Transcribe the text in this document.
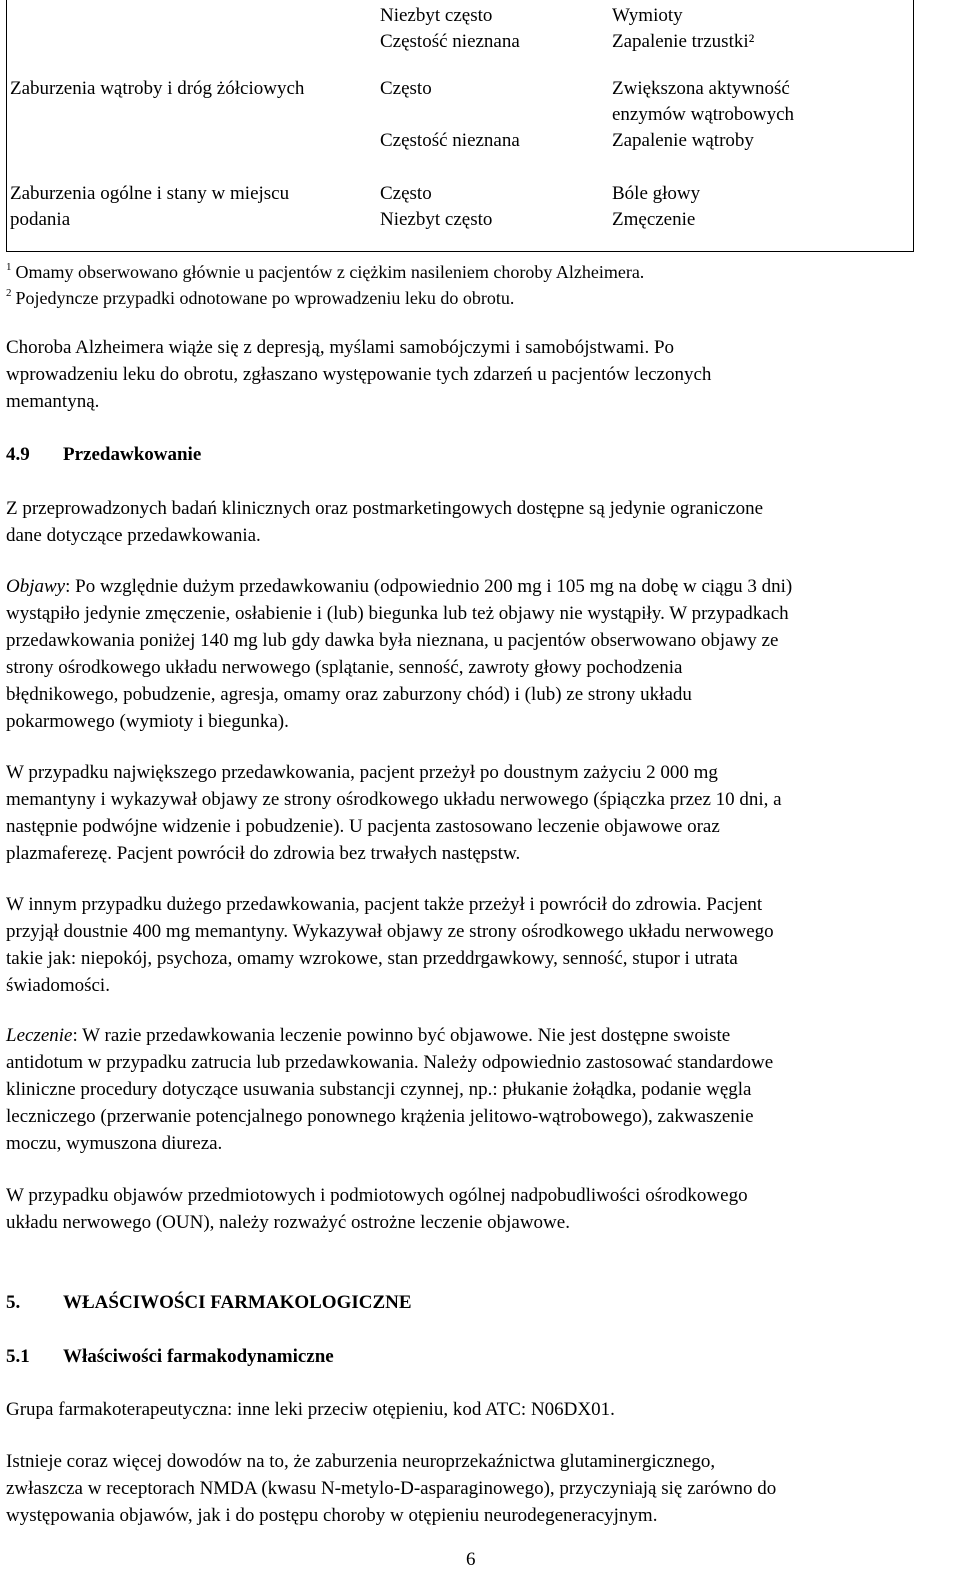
Niezbyt często
Częstość nieznana
Wymioty
Zapalenie trzustki²
Zaburzenia wątroby i dróg żółciowych	Często
Częstość nieznana
Zwiększona aktywność
enzymów wątrobowych
Zapalenie wątroby
Zaburzenia ogólne i stany w miejscu
podania
Często
Niezbyt często
Bóle głowy
Zmęczenie
$^1$ Omamy obserwowano głównie u pacjentów z ciężkim nasileniem choroby Alzheimera.
$^2$ Pojedyncze przypadki odnotowane po wprowadzeniu leku do obrotu.

Choroba Alzheimera wiąże się z depresją, myślami samobójczymi i samobójstwami. Po
wprowadzeniu leku do obrotu, zgłaszano występowanie tych zdarzeń u pacjentów leczonych
memantyną.

4.9 Przedawkowanie

Z przeprowadzonych badań klinicznych oraz postmarketingowych dostępne są jedynie ograniczone
dane dotyczące przedawkowania.

Objawy: Po względnie dużym przedawkowaniu (odpowiednio 200 mg i 105 mg na dobę w ciągu 3 dni)
wystąpiło jedynie zmęczenie, osłabienie i (lub) biegunka lub też objawy nie wystąpiły. W przypadkach
przedawkowania poniżej 140 mg lub gdy dawka była nieznana, u pacjentów obserwowano objawy ze
strony ośrodkowego układu nerwowego (splątanie, senność, zawroty głowy pochodzenia
błędnikowego, pobudzenie, agresja, omamy oraz zaburzony chód) i (lub) ze strony układu
pokarmowego (wymioty i biegunka).

W przypadku największego przedawkowania, pacjent przeżył po doustnym zażyciu 2 000 mg
memantyny i wykazywał objawy ze strony ośrodkowego układu nerwowego (śpiączka przez 10 dni, a
następnie podwójne widzenie i pobudzenie). U pacjenta zastosowano leczenie objawowe oraz
plazmaferezę. Pacjent powrócił do zdrowia bez trwałych następstw.

W innym przypadku dużego przedawkowania, pacjent także przeżył i powrócił do zdrowia. Pacjent
przyjął doustnie 400 mg memantyny. Wykazywał objawy ze strony ośrodkowego układu nerwowego
takie jak: niepokój, psychoza, omamy wzrokowe, stan przeddrgawkowy, senność, stupor i utrata
świadomości.

Leczenie: W razie przedawkowania leczenie powinno być objawowe. Nie jest dostępne swoiste
antidotum w przypadku zatrucia lub przedawkowania. Należy odpowiednio zastosować standardowe
kliniczne procedury dotyczące usuwania substancji czynnej, np.: płukanie żołądka, podanie węgla
leczniczego (przerwanie potencjalnego ponownego krążenia jelitowo-wątrobowego), zakwaszenie
moczu, wymuszona diureza.

W przypadku objawów przedmiotowych i podmiotowych ogólnej nadpobudliwości ośrodkowego
układu nerwowego (OUN), należy rozważyć ostrożne leczenie objawowe.

5. WŁAŚCIWOŚCI FARMAKOLOGICZNE
5.1 Właściwości farmakodynamiczne

Grupa farmakoterapeutyczna: inne leki przeciw otępieniu, kod ATC: N06DX01.

Istnieje coraz więcej dowodów na to, że zaburzenia neuroprzekaźnictwa glutaminergicznego,
zwłaszcza w receptorach NMDA (kwasu N-metylo-D-asparaginowego), przyczyniają się zarówno do
występowania objawów, jak i do postępu choroby w otępieniu neurodegeneracyjnym.

6
